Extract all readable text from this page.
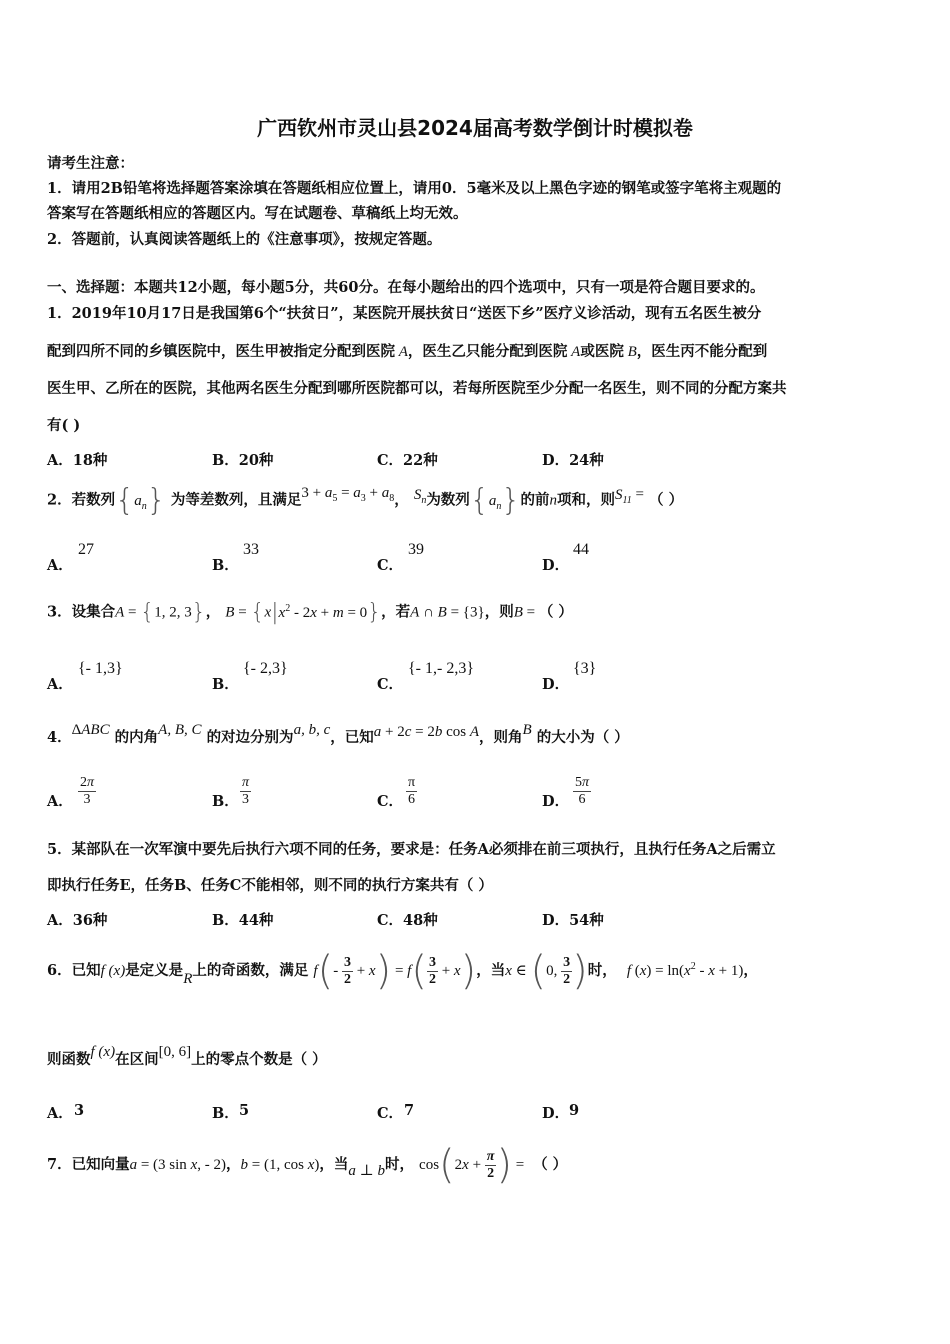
广西钦州市灵山县2024届高考数学倒计时模拟卷
请考生注意：
1．请用2B铅笔将选择题答案涂填在答题纸相应位置上，请用0．5毫米及以上黑色字迹的钢笔或签字笔将主观题的
答案写在答题纸相应的答题区内。写在试题卷、草稿纸上均无效。
2．答题前，认真阅读答题纸上的《注意事项》，按规定答题。
一、选择题：本题共12小题，每小题5分，共60分。在每小题给出的四个选项中，只有一项是符合题目要求的。
1．2019年10月17日是我国第6个“扶贫日”，某医院开展扶贫日“送医下乡”医疗义诊活动，现有五名医生被分
配到四所不同的乡镇医院中，医生甲被指定分配到医院 A，医生乙只能分配到医院 A或医院 B，医生丙不能分配到
医生甲、乙所在的医院，其他两名医生分配到哪所医院都可以，若每所医院至少分配一名医生，则不同的分配方案共
有( )
A．18种	B．20种	C．22种	D．24种
2．若数列$\{a_n\}$ 为等差数列，且满足$3 + a_5 = a_3 + a_8$， $S_n$为数列$\{a_n\}$的前n项和，则$S_{11}$ = （ ）
A．
27
B．
33
C．
39
D．
44
3．设集合A = {1, 2, 3}， $B = \{x|x^2 - 2x + m = 0\}$，若A ∩ B = {3}，则B = （ ）
A．
{- 1,3}
B．
{- 2,3}
C．
{- 1,- 2,3}
D．
{3}
4．ΔABC 的内角A, B, C 的对边分别为a, b, c，已知a + 2c = 2b cos A，则角B 的大小为（ ）
A． $\frac{2\pi}{3}$	B． $\frac{\pi}{3}$	C． $\frac{\pi}{6}$	D． $\frac{5\pi}{6}$
5．某部队在一次军演中要先后执行六项不同的任务，要求是：任务A必须排在前三项执行，且执行任务A之后需立
即执行任务E，任务B、任务C不能相邻，则不同的执行方案共有（ ）
A．36种	B．44种	C．48种	D．54种
6．已知f (x)是定义是R上的奇函数，满足 $f(- \frac{3}{2} + x) = f( \frac{3}{2} + x)$，当x ∈ (0, $\frac{3}{2}$ )时， f $(x) = \ln(x^2 - x + 1)$，
则函数f (x)在区间[0, 6]上的零点个数是（ ）
A． 3	B． 5	C． 7	D． 9
7．已知向量a = (3 sin x, - 2)，b = (1, cos x)，当a ⊥ b时， $\cos(2x + \frac{\pi}{2}$ ) =  （ ）
